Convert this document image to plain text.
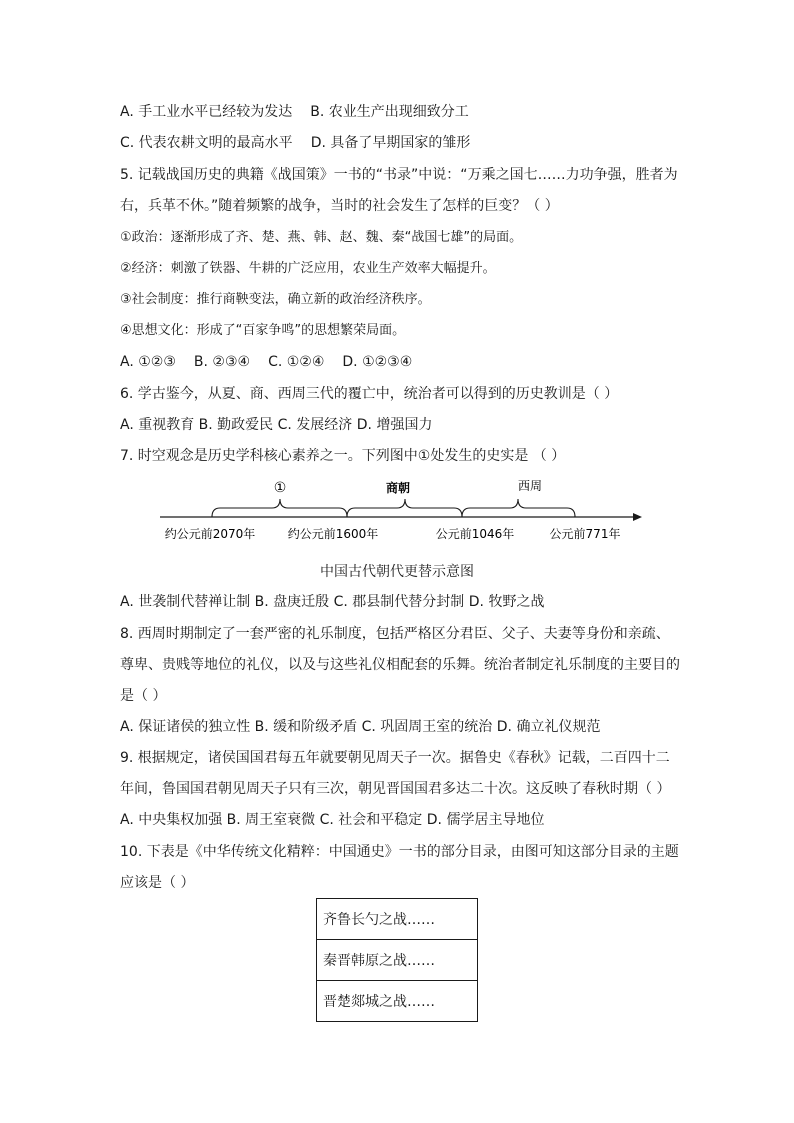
A. 手工业水平已经较为发达 B. 农业生产出现细致分工
C. 代表农耕文明的最高水平 D. 具备了早期国家的雏形
5. 记载战国历史的典籍《战国策》一书的“书录”中说：“万乘之国七……力功争强，胜者为
右，兵革不休。”随着频繁的战争，当时的社会发生了怎样的巨变？（ ）
①政治：逐渐形成了齐、楚、燕、韩、赵、魏、秦“战国七雄”的局面。
②经济：刺激了铁器、牛耕的广泛应用，农业生产效率大幅提升。
③社会制度：推行商鞅变法，确立新的政治经济秩序。
④思想文化：形成了“百家争鸣”的思想繁荣局面。
A. ①②③ B. ②③④ C. ①②④ D. ①②③④
6. 学古鉴今，从夏、商、西周三代的覆亡中，统治者可以得到的历史教训是（ ）
A. 重视教育 B. 勤政爱民 C. 发展经济 D. 增强国力
7. 时空观念是历史学科核心素养之一。下列图中①处发生的史实是 （ ）
①	商朝	西周
约公元前2070年	约公元前1600年	公元前1046年	公元前771年
中国古代朝代更替示意图
A. 世袭制代替禅让制 B. 盘庚迁殷 C. 郡县制代替分封制 D. 牧野之战
8. 西周时期制定了一套严密的礼乐制度，包括严格区分君臣、父子、夫妻等身份和亲疏、
尊卑、贵贱等地位的礼仪，以及与这些礼仪相配套的乐舞。统治者制定礼乐制度的主要目的
是（ ）
A. 保证诸侯的独立性 B. 缓和阶级矛盾 C. 巩固周王室的统治 D. 确立礼仪规范
9. 根据规定，诸侯国国君每五年就要朝见周天子一次。据鲁史《春秋》记载，二百四十二
年间，鲁国国君朝见周天子只有三次，朝见晋国国君多达二十次。这反映了春秋时期（ ）
A. 中央集权加强 B. 周王室衰微 C. 社会和平稳定 D. 儒学居主导地位
10. 下表是《中华传统文化精粹：中国通史》一书的部分目录，由图可知这部分目录的主题
应该是（ ）
齐鲁长勺之战……
秦晋韩原之战……
晋楚郯城之战……
